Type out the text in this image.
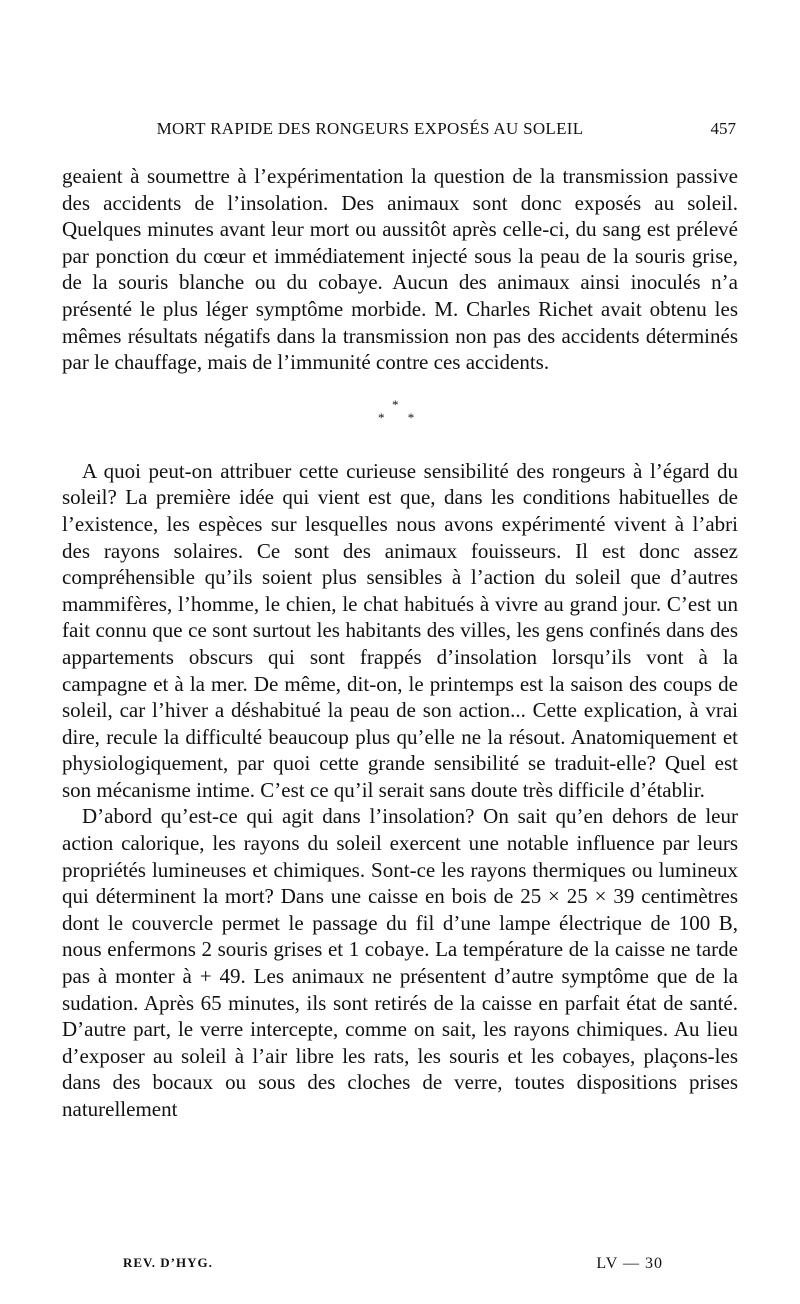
MORT RAPIDE DES RONGEURS EXPOSÉS AU SOLEIL	457

geaient à soumettre à l’expérimentation la question de la transmission passive des accidents de l’insolation. Des animaux sont donc exposés au soleil. Quelques minutes avant leur mort ou aussitôt après celle-ci, du sang est prélevé par ponction du cœur et immédiatement injecté sous la peau de la souris grise, de la souris blanche ou du cobaye. Aucun des animaux ainsi inoculés n’a présenté le plus léger symptôme morbide. M. Charles Richet avait obtenu les mêmes résultats négatifs dans la transmission non pas des accidents déterminés par le chauffage, mais de l’immunité contre ces accidents.

*
* *

A quoi peut-on attribuer cette curieuse sensibilité des rongeurs à l’égard du soleil? La première idée qui vient est que, dans les conditions habituelles de l’existence, les espèces sur lesquelles nous avons expérimenté vivent à l’abri des rayons solaires. Ce sont des animaux fouisseurs. Il est donc assez compréhensible qu’ils soient plus sensibles à l’action du soleil que d’autres mammifères, l’homme, le chien, le chat habitués à vivre au grand jour. C’est un fait connu que ce sont surtout les habitants des villes, les gens confinés dans des appartements obscurs qui sont frappés d’insolation lorsqu’ils vont à la campagne et à la mer. De même, dit-on, le printemps est la saison des coups de soleil, car l’hiver a déshabitué la peau de son action... Cette explication, à vrai dire, recule la difficulté beaucoup plus qu’elle ne la résout. Anatomiquement et physiologiquement, par quoi cette grande sensibilité se traduit-elle? Quel est son mécanisme intime. C’est ce qu’il serait sans doute très difficile d’établir.

D’abord qu’est-ce qui agit dans l’insolation? On sait qu’en dehors de leur action calorique, les rayons du soleil exercent une notable influence par leurs propriétés lumineuses et chimiques. Sont-ce les rayons thermiques ou lumineux qui déterminent la mort? Dans une caisse en bois de 25 × 25 × 39 centimètres dont le couvercle permet le passage du fil d’une lampe électrique de 100 B, nous enfermons 2 souris grises et 1 cobaye. La température de la caisse ne tarde pas à monter à + 49. Les animaux ne présentent d’autre symptôme que de la sudation. Après 65 minutes, ils sont retirés de la caisse en parfait état de santé. D’autre part, le verre intercepte, comme on sait, les rayons chimiques. Au lieu d’exposer au soleil à l’air libre les rats, les souris et les cobayes, plaçons-les dans des bocaux ou sous des cloches de verre, toutes dispositions prises naturellement

REV. D’HYG.	LV — 30
